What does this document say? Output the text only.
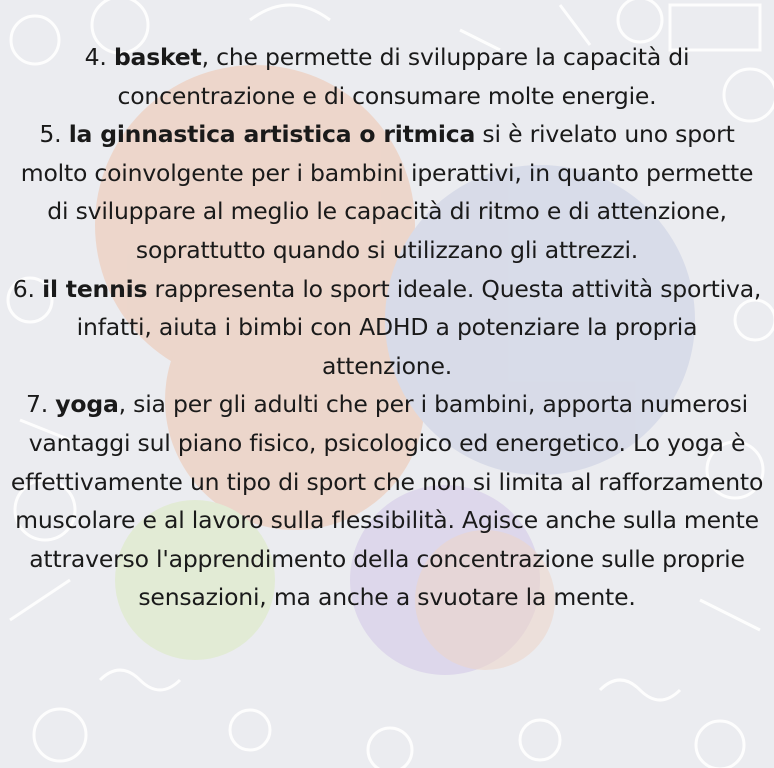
4. basket, che permette di sviluppare la capacità di concentrazione e di consumare molte energie.

5. la ginnastica artistica o ritmica si è rivelato uno sport molto coinvolgente per i bambini iperattivi, in quanto permette di sviluppare al meglio le capacità di ritmo e di attenzione, soprattutto quando si utilizzano gli attrezzi.

6. il tennis rappresenta lo sport ideale. Questa attività sportiva, infatti, aiuta i bimbi con ADHD a potenziare la propria attenzione.

7. yoga, sia per gli adulti che per i bambini, apporta numerosi vantaggi sul piano fisico, psicologico ed energetico. Lo yoga è effettivamente un tipo di sport che non si limita al rafforzamento muscolare e al lavoro sulla flessibilità. Agisce anche sulla mente attraverso l'apprendimento della concentrazione sulle proprie sensazioni, ma anche a svuotare la mente.
